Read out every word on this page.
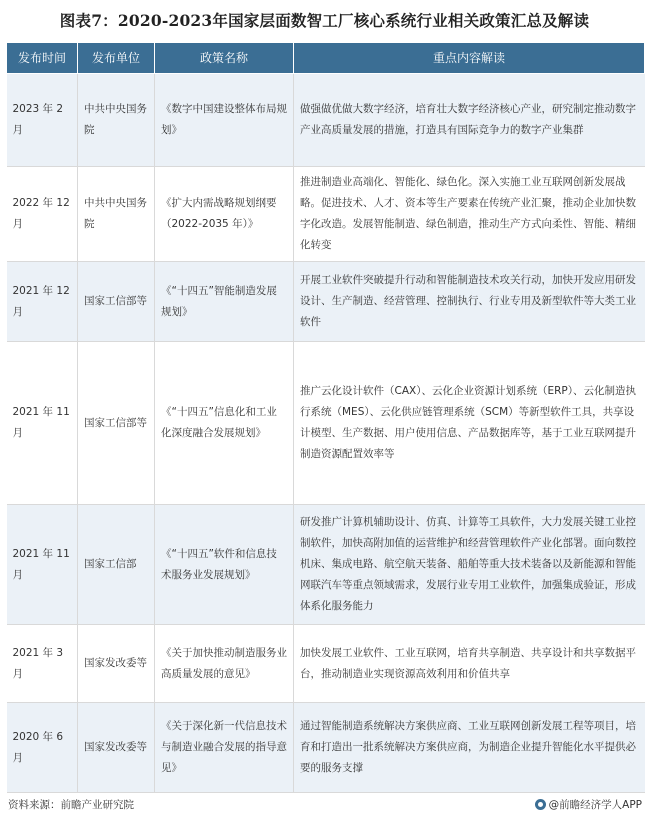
图表7：2020-2023年国家层面数智工厂核心系统行业相关政策汇总及解读
发布时间	发布单位	政策名称	重点内容解读
2023 年 2 月	中共中央国务院	《数字中国建设整体布局规划》	做强做优做大数字经济，培育壮大数字经济核心产业，研究制定推动数字产业高质量发展的措施，打造具有国际竞争力的数字产业集群
2022 年 12 月	中共中央国务院	《扩大内需战略规划纲要（2022-2035 年）》	推进制造业高端化、智能化、绿色化。深入实施工业互联网创新发展战略。促进技术、人才、资本等生产要素在传统产业汇聚，推动企业加快数字化改造。发展智能制造、绿色制造，推动生产方式向柔性、智能、精细化转变
2021 年 12 月	国家工信部等	《“十四五”智能制造发展规划》	开展工业软件突破提升行动和智能制造技术攻关行动，加快开发应用研发设计、生产制造、经营管理、控制执行、行业专用及新型软件等大类工业软件
2021 年 11 月	国家工信部等	《“十四五”信息化和工业化深度融合发展规划》	推广云化设计软件（CAX）、云化企业资源计划系统（ERP）、云化制造执行系统（MES）、云化供应链管理系统（SCM）等新型软件工具，共享设计模型、生产数据、用户使用信息、产品数据库等，基于工业互联网提升制造资源配置效率等
2021 年 11 月	国家工信部	《“十四五”软件和信息技术服务业发展规划》	研发推广计算机辅助设计、仿真、计算等工具软件，大力发展关键工业控制软件，加快高附加值的运营维护和经营管理软件产业化部署。面向数控机床、集成电路、航空航天装备、船舶等重大技术装备以及新能源和智能网联汽车等重点领域需求，发展行业专用工业软件，加强集成验证，形成体系化服务能力
2021 年 3 月	国家发改委等	《关于加快推动制造服务业高质量发展的意见》	加快发展工业软件、工业互联网，培育共享制造、共享设计和共享数据平台，推动制造业实现资源高效利用和价值共享
2020 年 6 月	国家发改委等	《关于深化新一代信息技术与制造业融合发展的指导意见》	通过智能制造系统解决方案供应商、工业互联网创新发展工程等项目，培育和打造出一批系统解决方案供应商，为制造企业提升智能化水平提供必要的服务支撑
资料来源：前瞻产业研究院	@前瞻经济学人APP
